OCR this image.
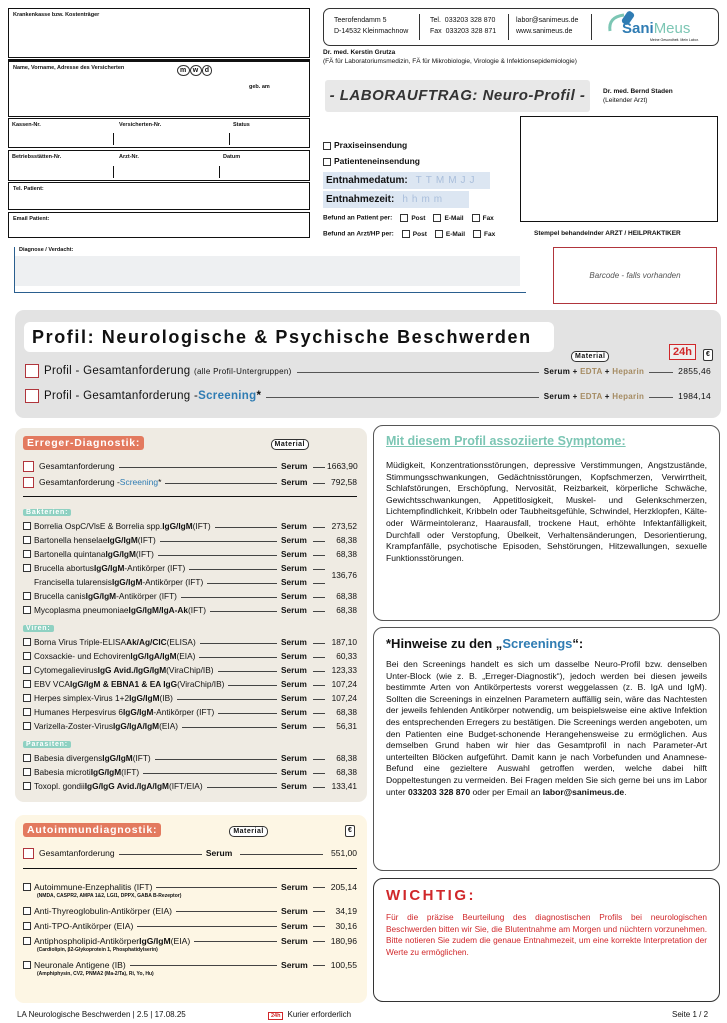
Krankenkasse bzw. Kostenträger
Name, Vorname, Adresse des Versicherten	m w d
geb. am
Kassen-Nr.	Versicherten-Nr.	Status
Betriebsstätten-Nr.	Arzt-Nr.	Datum
Tel. Patient:
Email Patient:
Teerofendamm 5
D-14532 Kleinmachnow
Tel. 033203 328 870
Fax 033203 328 871
labor@sanimeus.de
www.sanimeus.de	SaniMeus
Meine Gesundheit. Mein Labor.
Dr. med. Kerstin Grutza
(FÄ für Laboratoriumsmedizin, FÄ für Mikrobiologie, Virologie & Infektionsepidemiologie)
- LABORAUFTRAG: Neuro-Profil -	Dr. med. Bernd Staden
(Leitender Arzt)
Praxiseinsendung
Patienteneinsendung
Entnahmedatum: TTMMJJ
Entnahmezeit: hhmm
Befund an Patient per:	Post	E-Mail	Fax
Befund an Arzt/HP per:	Post	E-Mail	Fax	Stempel behandelnder ARZT / HEILPRAKTIKER
Diagnose / Verdacht:
Barcode - falls vorhanden
Profil: Neurologische & Psychische Beschwerden
Material	24h	€
Profil - Gesamtanforderung
(alle Profil-Untergruppen)	Serum + EDTA + Heparin	2855,46
Profil - Gesamtanforderung - Screening *	Serum + EDTA + Heparin	1984,14
Erreger-Diagnostik:	Material
Gesamtanforderung	Serum	1663,90
Gesamtanforderung - Screening *	Serum	792,58
Bakterien:
Borrelia OspC/VlsE & Borrelia spp. IgG/IgM (IFT)	Serum	273,52
Bartonella henselae IgG/IgM (IFT)	Serum	68,38
Bartonella quintana IgG/IgM (IFT)	Serum	68,38
Brucella abortus IgG/IgM -Antikörper (IFT)	Serum
136,76
Francisella tularensis IgG/IgM -Antikörper (IFT)	Serum
Brucella canis IgG/IgM -Antikörper (IFT)	Serum	68,38
Mycoplasma pneumoniae IgG/IgM/IgA-Ak (IFT)	Serum	68,38
Viren:
Borna Virus Triple-ELISA Ak/Ag/CIC (ELISA)	Serum	187,10
Coxsackie- und Echoviren IgG/IgA/IgM (EIA)	Serum	60,33
Cytomegalievirus IgG Avid./IgG/IgM (ViraChip/IB)	Serum	123,33
EBV VCA IgG/IgM & EBNA1 & EA IgG (ViraChip/IB)	Serum	107,24
Herpes simplex-Virus 1+2 IgG/IgM (IB)	Serum	107,24
Humanes Herpesvirus 6 IgG/IgM -Antikörper (IFT)	Serum	68,38
Varizella-Zoster-Virus IgG/IgA/IgM (EIA)	Serum	56,31
Parasiten:
Babesia divergens IgG/IgM (IFT)	Serum	68,38
Babesia microti IgG/IgM (IFT)	Serum	68,38
Toxopl. gondii IgG/IgG Avid./IgA/IgM (IFT/EIA)	Serum	133,41
Autoimmundiagnostik:	Material	€
Gesamtanforderung	Serum	551,00
Autoimmune-Enzephalitis (IFT)	Serum	205,14
(NMDA, CASPR2, AMPA 1&2, LGI1, DPPX, GABA B-Rezeptor)
Anti-Thyreoglobulin-Antikörper (EIA)	Serum	34,19
Anti-TPO-Antikörper (EIA)	Serum	30,16
Antiphospholipid-Antikörper IgG/IgM (EIA)	Serum	180,96
(Cardiolipin, β2-Glykoprotein 1, Phosphatidylserin)
Neuronale Antigene (IB)	Serum	100,55
(Amphiphysin, CV2, PNMA2 (Ma-2/Ta), Ri, Yo, Hu)
Mit diesem Profil assoziierte Symptome:

Müdigkeit, Konzentrationsstörungen, depressive Verstimmungen, Angstzustände, Stimmungsschwankungen, Gedächtnisstörungen, Kopfschmerzen, Verwirrtheit, Schlafstörungen, Erschöpfung, Nervosität, Reizbarkeit, körperliche Schwäche, Gewichtsschwankungen, Appetitlosigkeit, Muskel- und Gelenkschmerzen, Lichtempfindlichkeit, Kribbeln oder Taubheitsgefühle, Schwindel, Herzklopfen, Kälte- oder Wärmeintoleranz, Haarausfall, trockene Haut, erhöhte Infektanfälligkeit, Durchfall oder Verstopfung, Übelkeit, Verhaltensänderungen, Desorientierung, Krampfanfälle, psychotische Episoden, Sehstörungen, Hitzewallungen, sexuelle Funktionsstörungen.

*Hinweise zu den „Screenings“:

Bei den Screenings handelt es sich um dasselbe Neuro-Profil bzw. denselben Unter-Block (wie z. B. „Erreger-Diagnostik“), jedoch werden bei diesen jeweils bestimmte Arten von Antikörpertests vorerst weggelassen (z. B. IgA und IgM). Sollten die Screenings in einzelnen Parametern auffällig sein, wäre das Nachtesten der jeweils fehlenden Antikörper notwendig, um beispielsweise eine aktive Infektion des entsprechenden Erregers zu bestätigen. Die Screenings werden angeboten, um den Patienten eine Budget-schonende Herangehensweise zu ermöglichen. Aus demselben Grund haben wir hier das Gesamtprofil in nach Parameter-Art unterteilten Blöcken aufgeführt. Damit kann je nach Vorbefunden und Anamnese-Befund eine gezieltere Auswahl getroffen werden, welche dabei hilft Doppeltestungen zu vermeiden. Bei Fragen melden Sie sich gerne bei uns im Labor unter 033203 328 870 oder per Email an labor@sanimeus.de.

WICHTIG:

Für die präzise Beurteilung des diagnostischen Profils bei neurologischen Beschwerden bitten wir Sie, die Blutentnahme am Morgen und nüchtern vorzunehmen. Bitte notieren Sie zudem die genaue Entnahmezeit, um eine korrekte Interpretation der Werte zu ermöglichen.

LA Neurologische Beschwerden | 2.5 | 17.08.25	24h Kurier erforderlich	Seite 1 / 2
